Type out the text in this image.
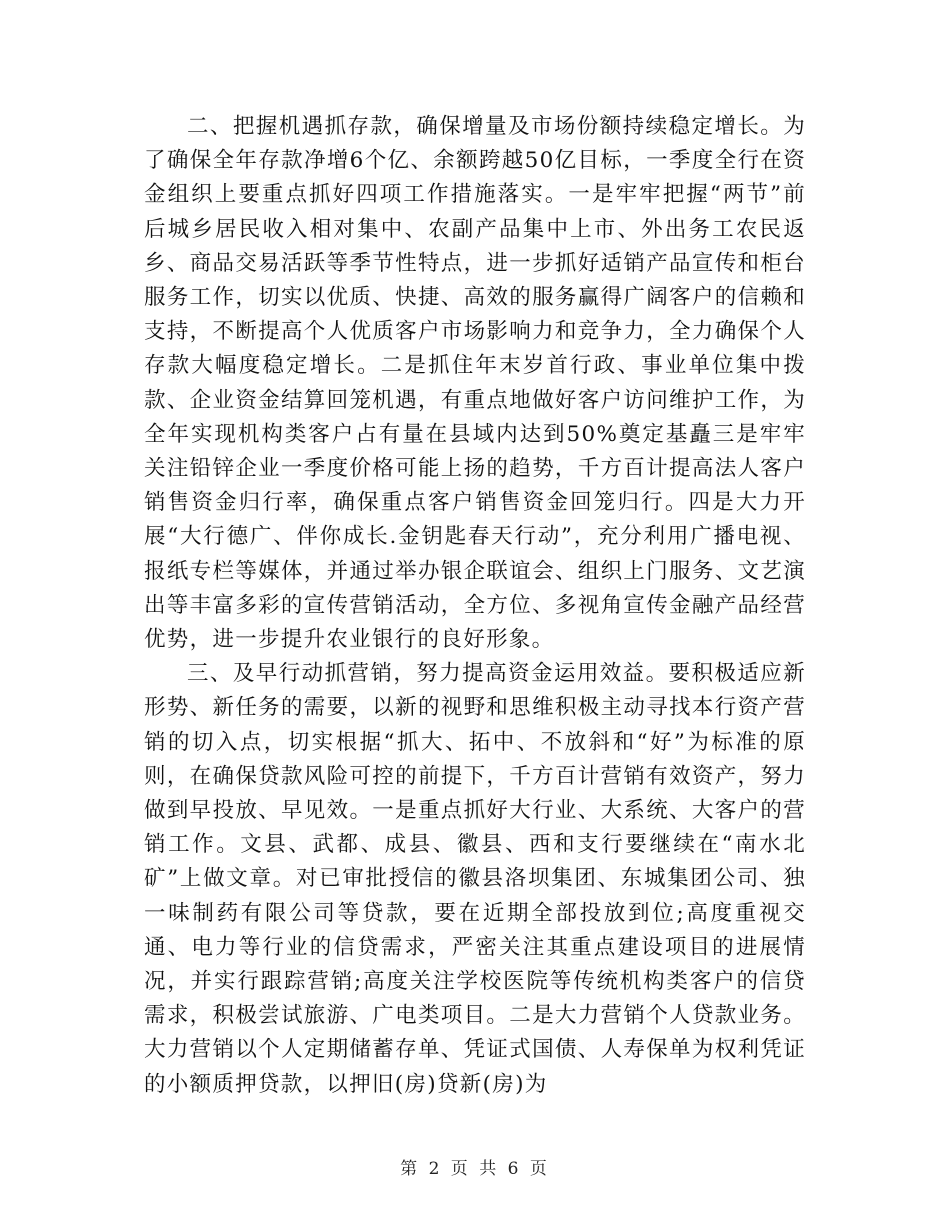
二、把握机遇抓存款，确保增量及市场份额持续稳定增长。为了确保全年存款净增6个亿、余额跨越50亿目标，一季度全行在资金组织上要重点抓好四项工作措施落实。一是牢牢把握“两节”前后城乡居民收入相对集中、农副产品集中上市、外出务工农民返乡、商品交易活跃等季节性特点，进一步抓好适销产品宣传和柜台服务工作，切实以优质、快捷、高效的服务赢得广阔客户的信赖和支持，不断提高个人优质客户市场影响力和竞争力，全力确保个人存款大幅度稳定增长。二是抓住年末岁首行政、事业单位集中拨款、企业资金结算回笼机遇，有重点地做好客户访问维护工作，为全年实现机构类客户占有量在县域内达到50%奠定基矗三是牢牢关注铅锌企业一季度价格可能上扬的趋势，千方百计提高法人客户销售资金归行率，确保重点客户销售资金回笼归行。四是大力开展“大行德广、伴你成长.金钥匙春天行动”，充分利用广播电视、报纸专栏等媒体，并通过举办银企联谊会、组织上门服务、文艺演出等丰富多彩的宣传营销活动，全方位、多视角宣传金融产品经营优势，进一步提升农业银行的良好形象。

三、及早行动抓营销，努力提高资金运用效益。要积极适应新形势、新任务的需要，以新的视野和思维积极主动寻找本行资产营销的切入点，切实根据“抓大、拓中、不放斜和“好”为标准的原则，在确保贷款风险可控的前提下，千方百计营销有效资产，努力做到早投放、早见效。一是重点抓好大行业、大系统、大客户的营销工作。文县、武都、成县、徽县、西和支行要继续在“南水北矿”上做文章。对已审批授信的徽县洛坝集团、东城集团公司、独一味制药有限公司等贷款，要在近期全部投放到位;高度重视交通、电力等行业的信贷需求，严密关注其重点建设项目的进展情况，并实行跟踪营销;高度关注学校医院等传统机构类客户的信贷需求，积极尝试旅游、广电类项目。二是大力营销个人贷款业务。大力营销以个人定期储蓄存单、凭证式国债、人寿保单为权利凭证的小额质押贷款，以押旧(房)贷新(房)为

第 2 页 共 6 页
